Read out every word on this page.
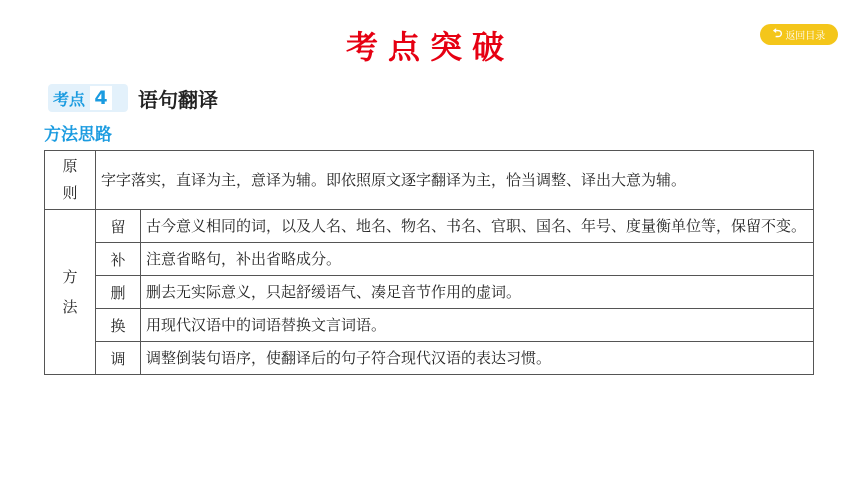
考点突破	⮌ 返回目录
考点 4 语句翻译
方法思路
原
则	字字落实，直译为主，意译为辅。即依照原文逐字翻译为主，恰当调整、译出大意为辅。	

方
法	留	古今意义相同的词，以及人名、地名、物名、书名、官职、国名、年号、度量衡单位等，保留不变。
	补	注意省略句，补出省略成分。
	删	删去无实际意义，只起舒缓语气、凑足音节作用的虚词。
	换	用现代汉语中的词语替换文言词语。
	调	调整倒装句语序，使翻译后的句子符合现代汉语的表达习惯。
